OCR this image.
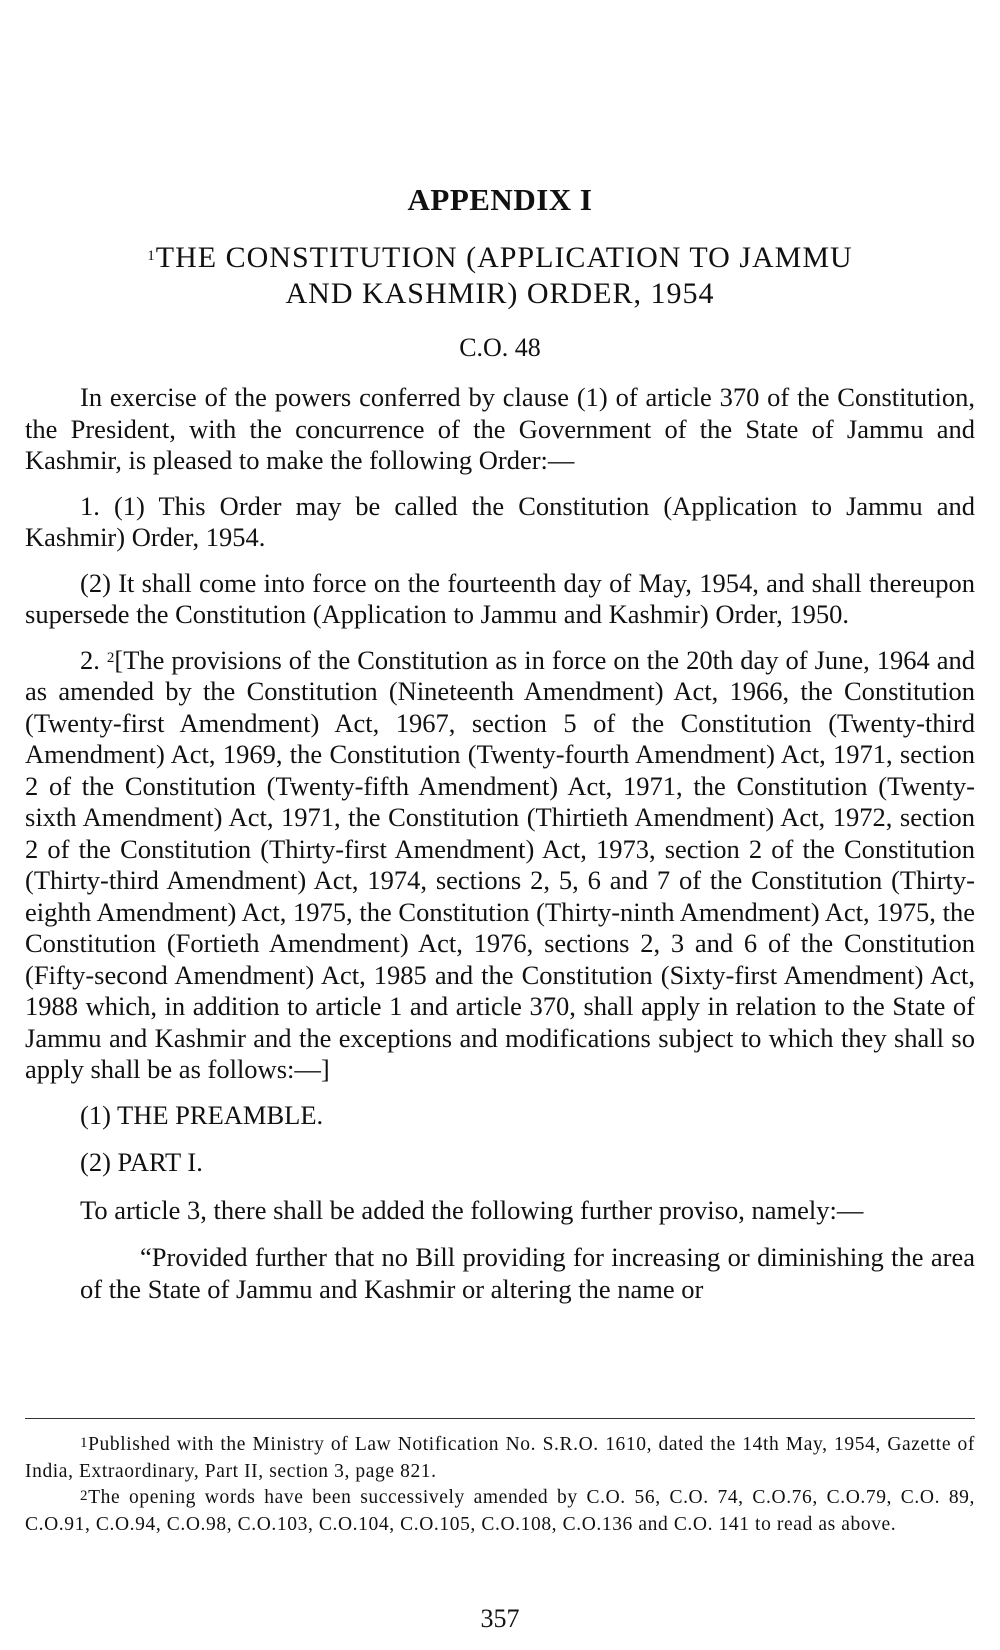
APPENDIX I
$^1$THE CONSTITUTION (APPLICATION TO JAMMU
AND KASHMIR) ORDER, 1954
C.O. 48

In exercise of the powers conferred by clause (1) of article 370 of the Constitution, the President, with the concurrence of the Government of the State of Jammu and Kashmir, is pleased to make the following Order:—

1. (1) This Order may be called the Constitution (Application to Jammu and Kashmir) Order, 1954.

(2) It shall come into force on the fourteenth day of May, 1954, and shall thereupon supersede the Constitution (Application to Jammu and Kashmir) Order, 1950.

2. $^2$[The provisions of the Constitution as in force on the 20th day of June, 1964 and as amended by the Constitution (Nineteenth Amendment) Act, 1966, the Constitution (Twenty-first Amendment) Act, 1967, section 5 of the Constitution (Twenty-third Amendment) Act, 1969, the Constitution (Twenty-fourth Amendment) Act, 1971, section 2 of the Constitution (Twenty-fifth Amendment) Act, 1971, the Constitution (Twenty-sixth Amendment) Act, 1971, the Constitution (Thirtieth Amendment) Act, 1972, section 2 of the Constitution (Thirty-first Amendment) Act, 1973, section 2 of the Constitution (Thirty-third Amendment) Act, 1974, sections 2, 5, 6 and 7 of the Constitution (Thirty-eighth Amendment) Act, 1975, the Constitution (Thirty-ninth Amendment) Act, 1975, the Constitution (Fortieth Amendment) Act, 1976, sections 2, 3 and 6 of the Constitution (Fifty-second Amendment) Act, 1985 and the Constitution (Sixty-first Amendment) Act, 1988 which, in addition to article 1 and article 370, shall apply in relation to the State of Jammu and Kashmir and the exceptions and modifications subject to which they shall so apply shall be as follows:—]

(1) THE PREAMBLE.

(2) PART I.

To article 3, there shall be added the following further proviso, namely:—

“Provided further that no Bill providing for increasing or diminishing the area of the State of Jammu and Kashmir or altering the name or

$^1$Published with the Ministry of Law Notification No. S.R.O. 1610, dated the 14th May, 1954, Gazette of India, Extraordinary, Part II, section 3, page 821.

$^2$The opening words have been successively amended by C.O. 56, C.O. 74, C.O.76, C.O.79, C.O. 89, C.O.91, C.O.94, C.O.98, C.O.103, C.O.104, C.O.105, C.O.108, C.O.136 and C.O. 141 to read as above.

357
